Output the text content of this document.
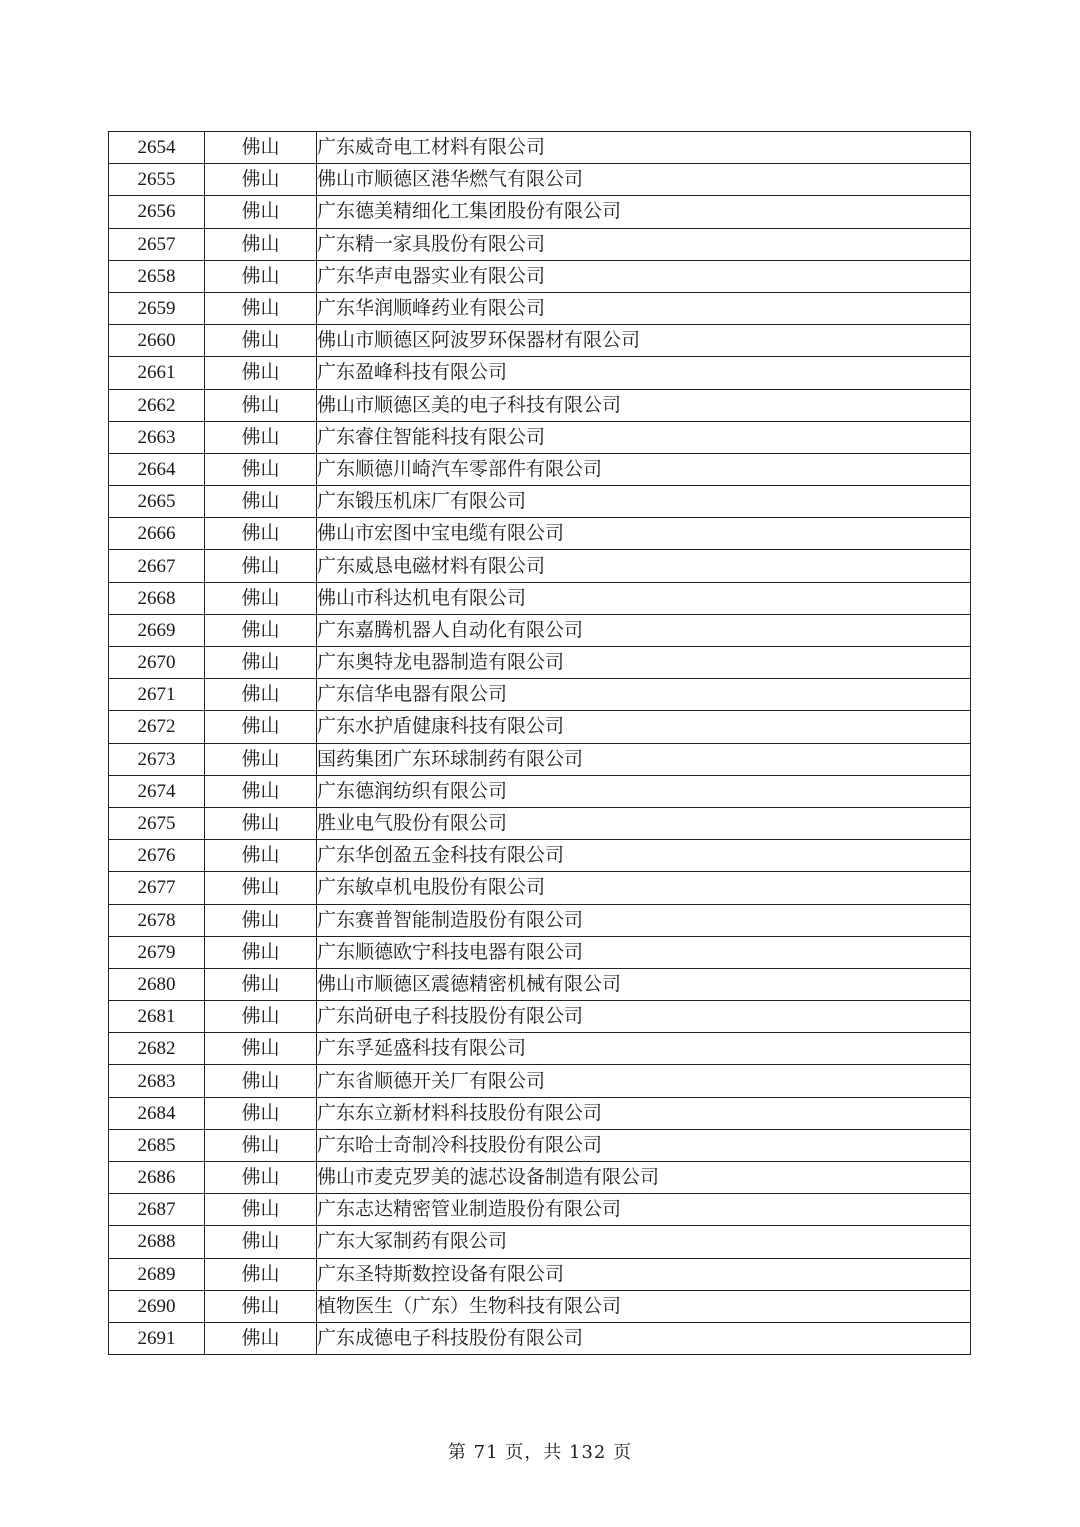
2654	佛山	广东威奇电工材料有限公司
2655	佛山	佛山市顺德区港华燃气有限公司
2656	佛山	广东德美精细化工集团股份有限公司
2657	佛山	广东精一家具股份有限公司
2658	佛山	广东华声电器实业有限公司
2659	佛山	广东华润顺峰药业有限公司
2660	佛山	佛山市顺德区阿波罗环保器材有限公司
2661	佛山	广东盈峰科技有限公司
2662	佛山	佛山市顺德区美的电子科技有限公司
2663	佛山	广东睿住智能科技有限公司
2664	佛山	广东顺德川崎汽车零部件有限公司
2665	佛山	广东锻压机床厂有限公司
2666	佛山	佛山市宏图中宝电缆有限公司
2667	佛山	广东威恳电磁材料有限公司
2668	佛山	佛山市科达机电有限公司
2669	佛山	广东嘉腾机器人自动化有限公司
2670	佛山	广东奥特龙电器制造有限公司
2671	佛山	广东信华电器有限公司
2672	佛山	广东水护盾健康科技有限公司
2673	佛山	国药集团广东环球制药有限公司
2674	佛山	广东德润纺织有限公司
2675	佛山	胜业电气股份有限公司
2676	佛山	广东华创盈五金科技有限公司
2677	佛山	广东敏卓机电股份有限公司
2678	佛山	广东赛普智能制造股份有限公司
2679	佛山	广东顺德欧宁科技电器有限公司
2680	佛山	佛山市顺德区震德精密机械有限公司
2681	佛山	广东尚研电子科技股份有限公司
2682	佛山	广东孚延盛科技有限公司
2683	佛山	广东省顺德开关厂有限公司
2684	佛山	广东东立新材料科技股份有限公司
2685	佛山	广东哈士奇制冷科技股份有限公司
2686	佛山	佛山市麦克罗美的滤芯设备制造有限公司
2687	佛山	广东志达精密管业制造股份有限公司
2688	佛山	广东大冢制药有限公司
2689	佛山	广东圣特斯数控设备有限公司
2690	佛山	植物医生（广东）生物科技有限公司
2691	佛山	广东成德电子科技股份有限公司
第 71 页，共 132 页
